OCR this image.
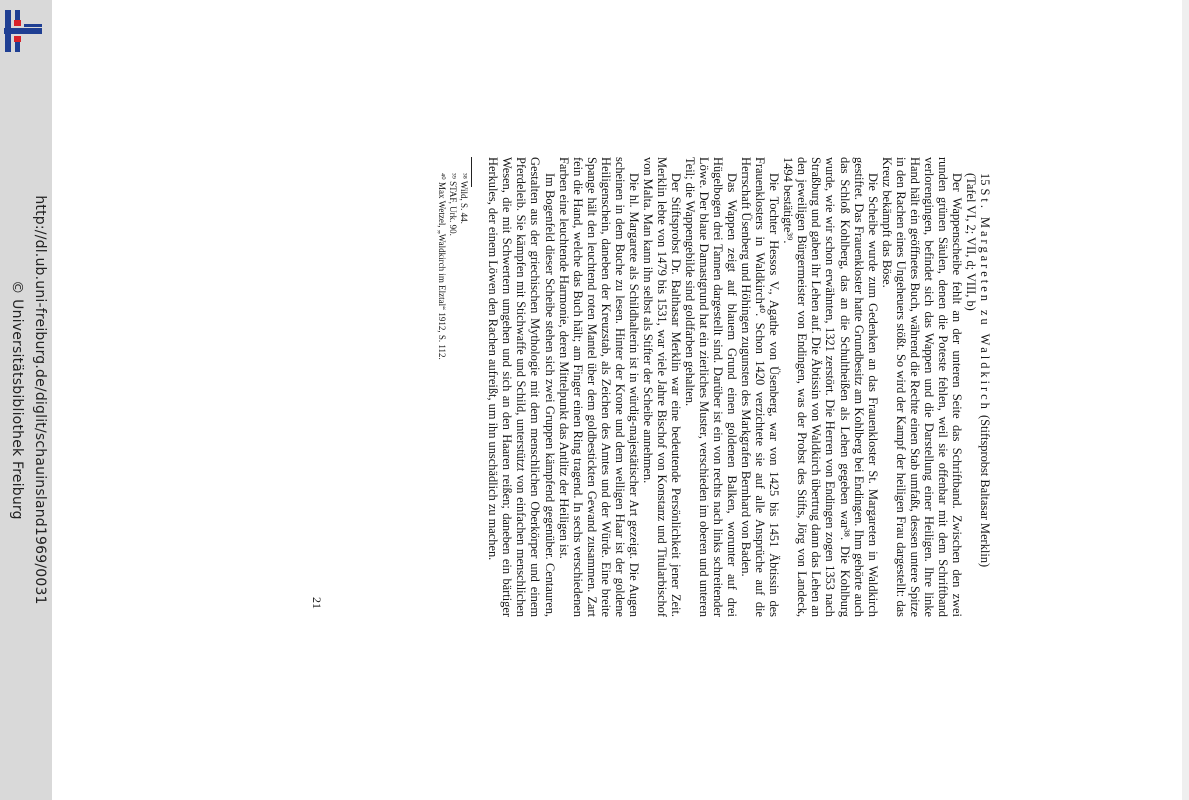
http://dl.ub.uni-freiburg.de/diglit/schauinsland1969/0031
© Universitätsbibliothek Freiburg

15 St. Margareten zu Waldkirch (Stiftsprobst Baltasar Merklin)

(Tafel VI, 2; VII, d; VIII, b)

Der Wappenscheibe fehlt an der unteren Seite das Schriftband. Zwischen den zwei runden grünen Säulen, denen die Poteste fehlen, weil sie offenbar mit dem Schriftband verlorengingen, befindet sich das Wappen und die Darstellung einer Heiligen. Ihre linke Hand hält ein geöffnetes Buch, während die Rechte einen Stab umfaßt, dessen untere Spitze in den Rachen eines Ungeheuers stößt. So wird der Kampf der heiligen Frau dargestellt: das Kreuz bekämpft das Böse.

Die Scheibe wurde zum Gedenken an das Frauenkloster St. Margareten in Waldkirch gestiftet. Das Frauenkloster hatte Grundbesitz am Kohlberg bei Endingen. Ihm gehörte auch das Schloß Kohlberg, das an die Schultheißen als Lehen gegeben war³⁸. Die Kohlburg wurde, wie wir schon erwähnten, 1321 zerstört. Die Herren von Endingen zogen 1353 nach Straßburg und gaben ihr Lehen auf. Die Äbtissin von Waldkirch übertrug dann das Lehen an den jeweiligen Bürgermeister von Endingen, was der Probst des Stifts, Jörg von Landeck, 1494 bestätigte³⁹.

Die Tochter Hessos V., Agathe von Üsenberg, war von 1425 bis 1451 Äbtissin des Frauenklosters in Waldkirch⁴⁰. Schon 1420 verzichtete sie auf alle Ansprüche auf die Herrschaft Üsenberg und Höhingen zugunsten des Markgrafen Bernhard von Baden.

Das Wappen zeigt auf blauem Grund einen goldenen Balken, worunter auf drei Hügelbogen drei Tannen dargestellt sind. Darüber ist ein von rechts nach links schreitender Löwe. Der blaue Damastgrund hat ein zierliches Muster, verschieden im oberen und unteren Teil; die Wappengebilde sind goldfarben gehalten.

Der Stiftsprobst Dr. Balthasar Merklin war eine bedeutende Persönlichkeit jener Zeit. Merklin lebte von 1479 bis 1531, war viele Jahre Bischof von Konstanz und Titularbischof von Malta. Man kann ihn selbst als Stifter der Scheibe annehmen.

Die hl. Margarete als Schildhalterin ist in würdig-majestätischer Art gezeigt. Die Augen scheinen in dem Buche zu lesen. Hinter der Krone und dem welligen Haar ist der goldene Heiligenschein, daneben der Kreuzstab, als Zeichen des Amtes und der Würde. Eine breite Spange hält den leuchtend roten Mantel über dem goldbestickten Gewand zusammen. Zart fein die Hand, welche das Buch hält; am Finger einen Ring tragend. In sechs verschiedenen Farben eine leuchtende Harmonie, deren Mittelpunkt das Antlitz der Heiligen ist.

Im Bogenfeld dieser Scheibe stehen sich zwei Gruppen kämpfend gegenüber. Centauren, Gestalten aus der griechischen Mythologie mit dem menschlichen Oberkörper und einem Pferdeleib. Sie kämpfen mit Stichwaffe und Schild, unterstützt von einfachen menschlichen Wesen, die mit Schwertern umgehen und sich an den Haaren reißen; daneben ein bärtiger Herkules, der einem Löwen den Rachen aufreißt, um ihn unschädlich zu machen.

³⁸ Wild, S. 44.

³⁹ STAF, Urk. 90.

⁴⁰ Max Wetzel, „Waldkirch im Elztal“ 1912, S. 112.

21
